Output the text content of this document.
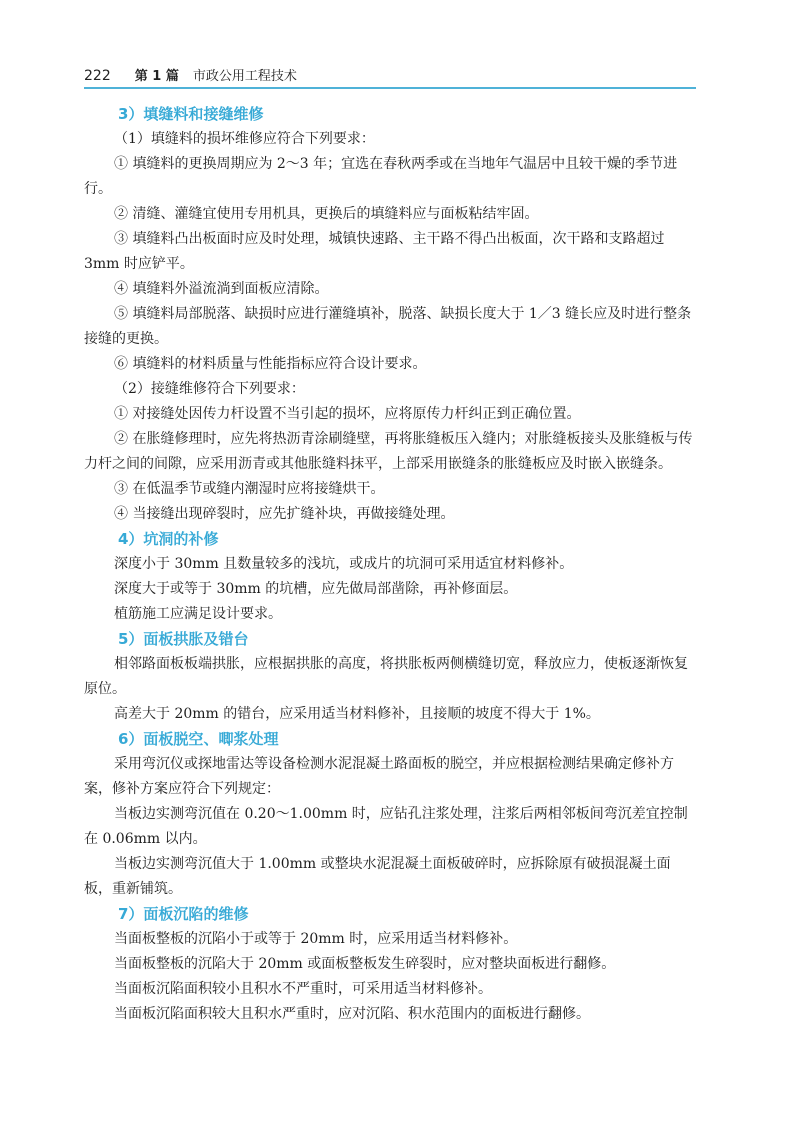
222 第 1 篇 市政公用工程技术
3）填缝料和接缝维修
（1）填缝料的损坏维修应符合下列要求：
① 填缝料的更换周期应为 2～3 年；宜选在春秋两季或在当地年气温居中且较干燥的季节进行。
② 清缝、灌缝宜使用专用机具，更换后的填缝料应与面板粘结牢固。
③ 填缝料凸出板面时应及时处理，城镇快速路、主干路不得凸出板面，次干路和支路超过 3mm 时应铲平。
④ 填缝料外溢流淌到面板应清除。
⑤ 填缝料局部脱落、缺损时应进行灌缝填补，脱落、缺损长度大于 1／3 缝长应及时进行整条接缝的更换。
⑥ 填缝料的材料质量与性能指标应符合设计要求。
（2）接缝维修符合下列要求：
① 对接缝处因传力杆设置不当引起的损坏，应将原传力杆纠正到正确位置。
② 在胀缝修理时，应先将热沥青涂刷缝壁，再将胀缝板压入缝内；对胀缝板接头及胀缝板与传力杆之间的间隙，应采用沥青或其他胀缝料抹平，上部采用嵌缝条的胀缝板应及时嵌入嵌缝条。
③ 在低温季节或缝内潮湿时应将接缝烘干。
④ 当接缝出现碎裂时，应先扩缝补块，再做接缝处理。
4）坑洞的补修
深度小于 30mm 且数量较多的浅坑，或成片的坑洞可采用适宜材料修补。
深度大于或等于 30mm 的坑槽，应先做局部凿除，再补修面层。
植筋施工应满足设计要求。
5）面板拱胀及错台
相邻路面板板端拱胀，应根据拱胀的高度，将拱胀板两侧横缝切宽，释放应力，使板逐渐恢复原位。
高差大于 20mm 的错台，应采用适当材料修补，且接顺的坡度不得大于 1%。
6）面板脱空、唧浆处理
采用弯沉仪或探地雷达等设备检测水泥混凝土路面板的脱空，并应根据检测结果确定修补方案，修补方案应符合下列规定：
当板边实测弯沉值在 0.20～1.00mm 时，应钻孔注浆处理，注浆后两相邻板间弯沉差宜控制在 0.06mm 以内。
当板边实测弯沉值大于 1.00mm 或整块水泥混凝土面板破碎时，应拆除原有破损混凝土面板，重新铺筑。
7）面板沉陷的维修
当面板整板的沉陷小于或等于 20mm 时，应采用适当材料修补。
当面板整板的沉陷大于 20mm 或面板整板发生碎裂时，应对整块面板进行翻修。
当面板沉陷面积较小且积水不严重时，可采用适当材料修补。
当面板沉陷面积较大且积水严重时，应对沉陷、积水范围内的面板进行翻修。
